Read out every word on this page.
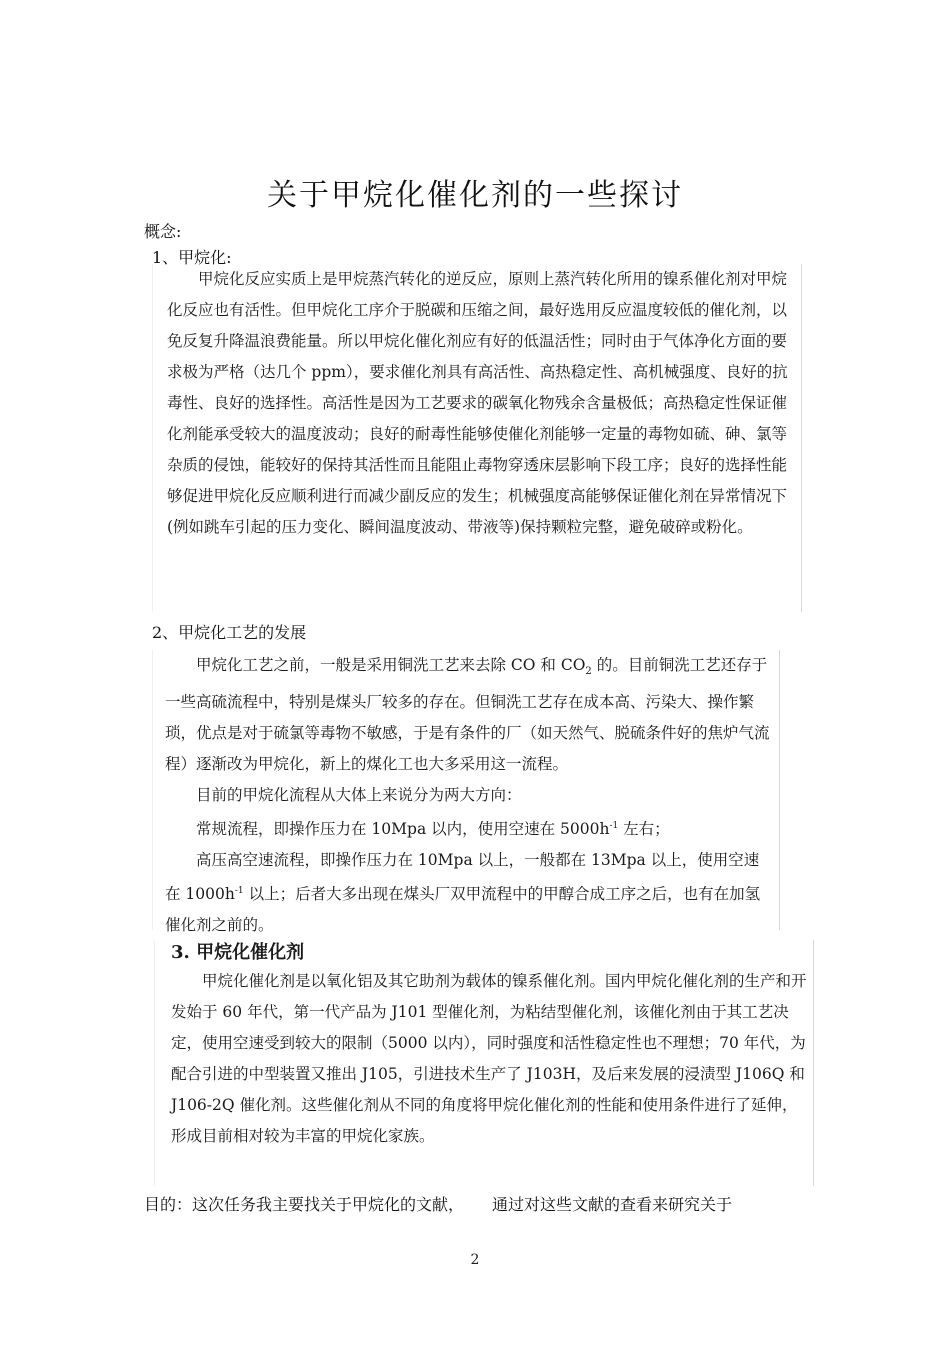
关于甲烷化催化剂的一些探讨
概念:
1、甲烷化:

甲烷化反应实质上是甲烷蒸汽转化的逆反应，原则上蒸汽转化所用的镍系催化剂对甲烷化反应也有活性。但甲烷化工序介于脱碳和压缩之间，最好选用反应温度较低的催化剂，以免反复升降温浪费能量。所以甲烷化催化剂应有好的低温活性；同时由于气体净化方面的要求极为严格（达几个 ppm），要求催化剂具有高活性、高热稳定性、高机械强度、良好的抗毒性、良好的选择性。高活性是因为工艺要求的碳氧化物残余含量极低；高热稳定性保证催化剂能承受较大的温度波动；良好的耐毒性能够使催化剂能够一定量的毒物如硫、砷、氯等杂质的侵蚀，能较好的保持其活性而且能阻止毒物穿透床层影响下段工序；良好的选择性能够促进甲烷化反应顺利进行而减少副反应的发生；机械强度高能够保证催化剂在异常情况下(例如跳车引起的压力变化、瞬间温度波动、带液等)保持颗粒完整，避免破碎或粉化。

2、甲烷化工艺的发展

甲烷化工艺之前，一般是采用铜洗工艺来去除 CO 和 $CO_2$ 的。目前铜洗工艺还存于一些高硫流程中，特别是煤头厂较多的存在。但铜洗工艺存在成本高、污染大、操作繁琐，优点是对于硫氯等毒物不敏感，于是有条件的厂（如天然气、脱硫条件好的焦炉气流程）逐渐改为甲烷化，新上的煤化工也大多采用这一流程。

目前的甲烷化流程从大体上来说分为两大方向：

常规流程，即操作压力在 10Mpa 以内，使用空速在 $5000h^{-1}$ 左右；

高压高空速流程，即操作压力在 10Mpa 以上，一般都在 13Mpa 以上，使用空速在 $1000h^{-1}$ 以上；后者大多出现在煤头厂双甲流程中的甲醇合成工序之后，也有在加氢催化剂之前的。

3. 甲烷化催化剂

甲烷化催化剂是以氧化铝及其它助剂为载体的镍系催化剂。国内甲烷化催化剂的生产和开发始于 60 年代，第一代产品为 J101 型催化剂，为粘结型催化剂，该催化剂由于其工艺决定，使用空速受到较大的限制（5000 以内），同时强度和活性稳定性也不理想；70 年代，为配合引进的中型装置又推出 J105，引进技术生产了 J103H，及后来发展的浸渍型 J106Q 和 J106-2Q 催化剂。这些催化剂从不同的角度将甲烷化催化剂的性能和使用条件进行了延伸，形成目前相对较为丰富的甲烷化家族。

目的：这次任务我主要找关于甲烷化的文献， 通过对这些文献的查看来研究关于
2
